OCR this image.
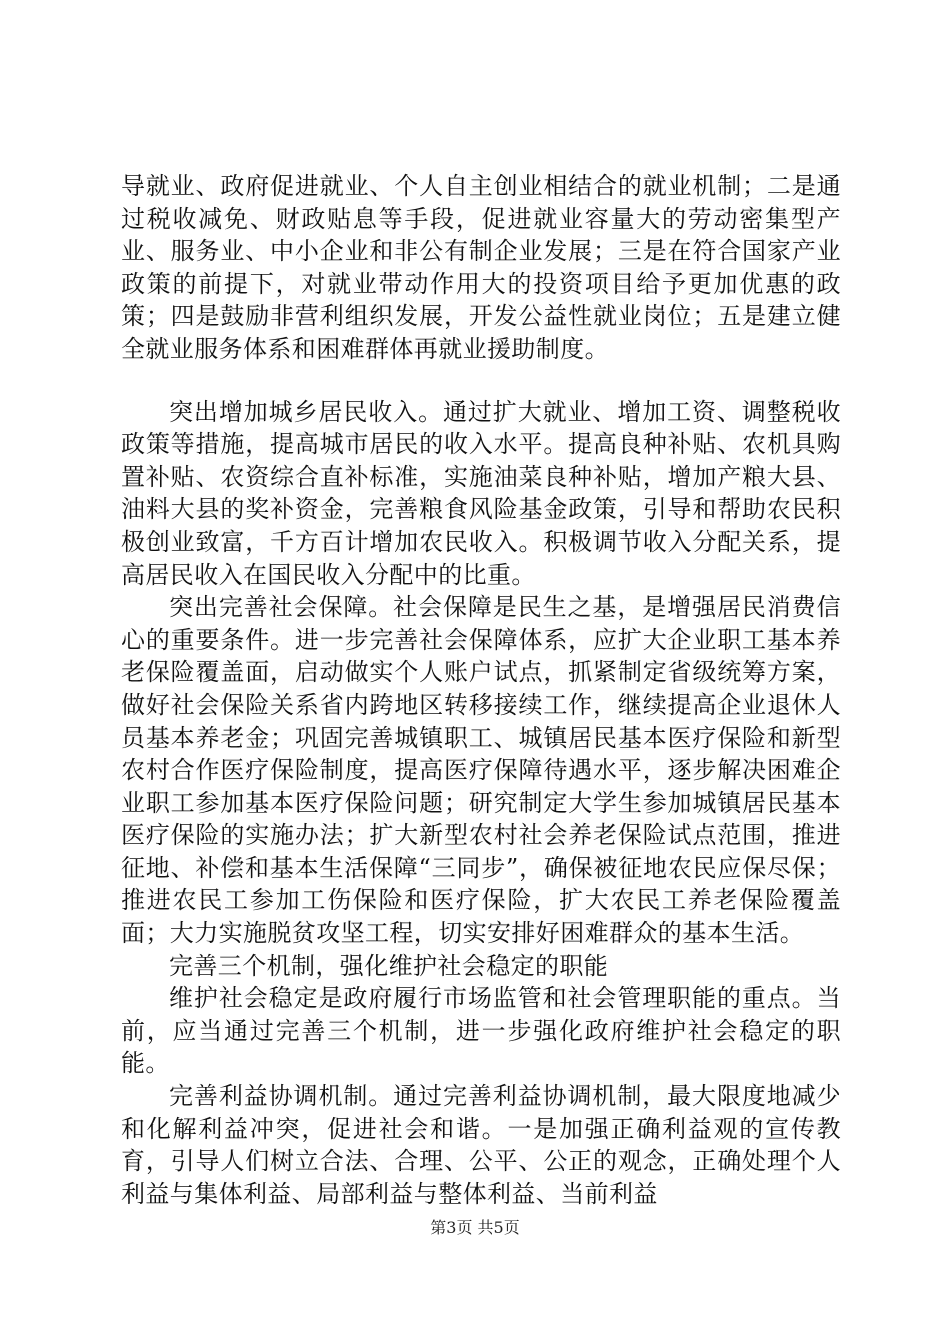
导就业、政府促进就业、个人自主创业相结合的就业机制；二是通过税收减免、财政贴息等手段，促进就业容量大的劳动密集型产业、服务业、中小企业和非公有制企业发展；三是在符合国家产业政策的前提下，对就业带动作用大的投资项目给予更加优惠的政策；四是鼓励非营利组织发展，开发公益性就业岗位；五是建立健全就业服务体系和困难群体再就业援助制度。

突出增加城乡居民收入。通过扩大就业、增加工资、调整税收政策等措施，提高城市居民的收入水平。提高良种补贴、农机具购置补贴、农资综合直补标准，实施油菜良种补贴，增加产粮大县、油料大县的奖补资金，完善粮食风险基金政策，引导和帮助农民积极创业致富，千方百计增加农民收入。积极调节收入分配关系，提高居民收入在国民收入分配中的比重。

突出完善社会保障。社会保障是民生之基，是增强居民消费信心的重要条件。进一步完善社会保障体系，应扩大企业职工基本养老保险覆盖面，启动做实个人账户试点，抓紧制定省级统筹方案，做好社会保险关系省内跨地区转移接续工作，继续提高企业退休人员基本养老金；巩固完善城镇职工、城镇居民基本医疗保险和新型农村合作医疗保险制度，提高医疗保障待遇水平，逐步解决困难企业职工参加基本医疗保险问题；研究制定大学生参加城镇居民基本医疗保险的实施办法；扩大新型农村社会养老保险试点范围，推进征地、补偿和基本生活保障“三同步”，确保被征地农民应保尽保；推进农民工参加工伤保险和医疗保险，扩大农民工养老保险覆盖面；大力实施脱贫攻坚工程，切实安排好困难群众的基本生活。

完善三个机制，强化维护社会稳定的职能

维护社会稳定是政府履行市场监管和社会管理职能的重点。当前，应当通过完善三个机制，进一步强化政府维护社会稳定的职能。

完善利益协调机制。通过完善利益协调机制，最大限度地减少和化解利益冲突，促进社会和谐。一是加强正确利益观的宣传教育，引导人们树立合法、合理、公平、公正的观念，正确处理个人利益与集体利益、局部利益与整体利益、当前利益

第3页 共5页
